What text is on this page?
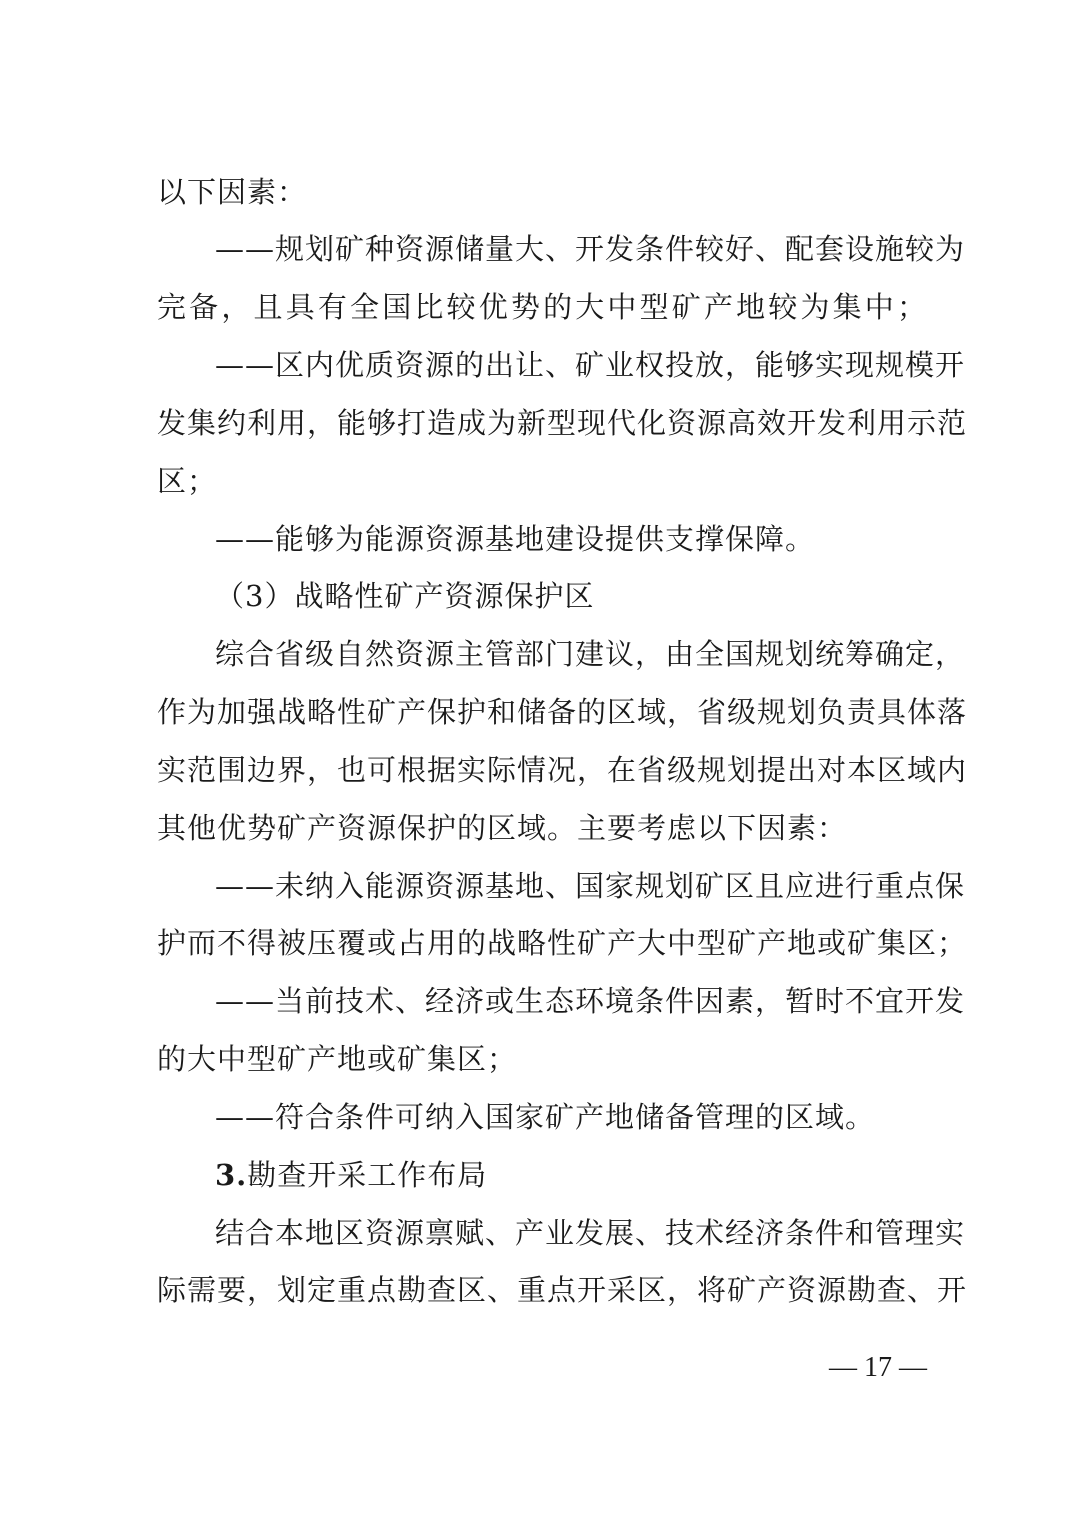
以下因素：
——规划矿种资源储量大、开发条件较好、配套设施较为
完备，且具有全国比较优势的大中型矿产地较为集中；
——区内优质资源的出让、矿业权投放，能够实现规模开
发集约利用，能够打造成为新型现代化资源高效开发利用示范
区；
——能够为能源资源基地建设提供支撑保障。
（3）战略性矿产资源保护区
综合省级自然资源主管部门建议，由全国规划统筹确定，
作为加强战略性矿产保护和储备的区域，省级规划负责具体落
实范围边界，也可根据实际情况，在省级规划提出对本区域内
其他优势矿产资源保护的区域。主要考虑以下因素：
——未纳入能源资源基地、国家规划矿区且应进行重点保
护而不得被压覆或占用的战略性矿产大中型矿产地或矿集区；
——当前技术、经济或生态环境条件因素，暂时不宜开发
的大中型矿产地或矿集区；
——符合条件可纳入国家矿产地储备管理的区域。
3.勘查开采工作布局
结合本地区资源禀赋、产业发展、技术经济条件和管理实
际需要，划定重点勘查区、重点开采区，将矿产资源勘查、开
— 17 —
